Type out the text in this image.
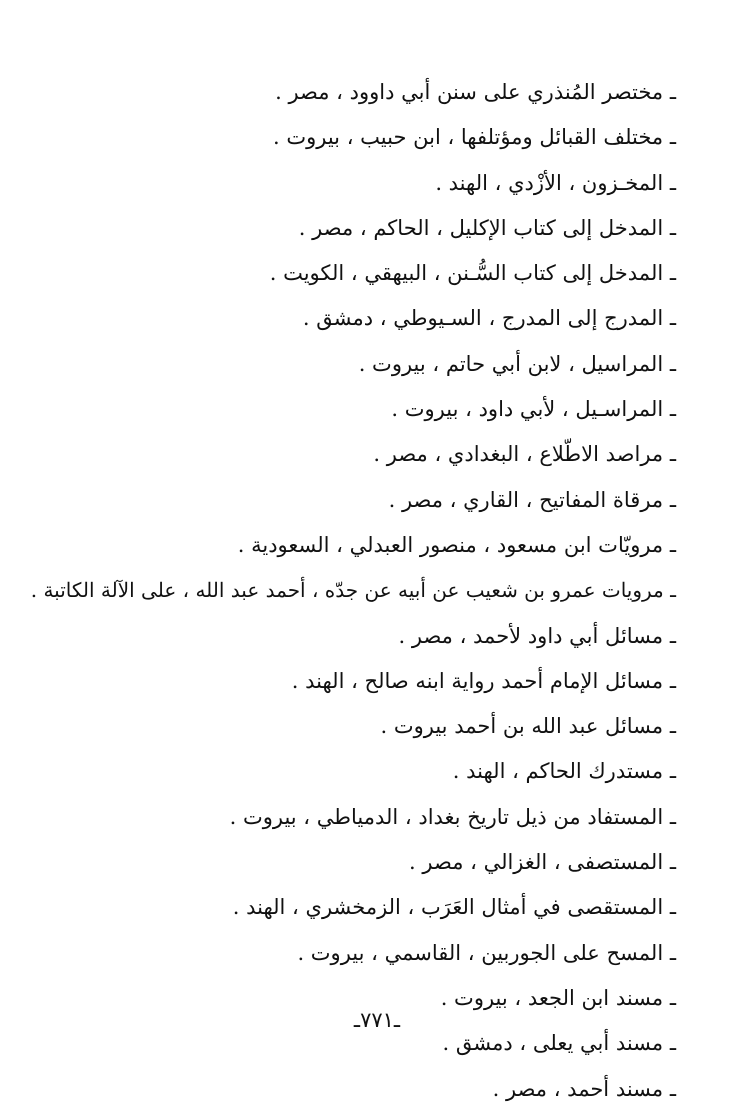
ـ مختصر المُنذري على سنن أبي داوود ، مصر .
ـ مختلف القبائل ومؤتلفها ، ابن حبيب ، بيروت .
ـ المخـزون ، الأزْدي ، الهند .
ـ المدخل إلى كتاب الإكليل ، الحاكم ، مصر .
ـ المدخل إلى كتاب السُّـنن ، البيهقي ، الكويت .
ـ المدرج إلى المدرج ، السـيوطي ، دمشق .
ـ المراسيل ، لابن أبي حاتم ، بيروت .
ـ المراسـيل ، لأبي داود ، بيروت .
ـ مراصد الاطّلاع ، البغدادي ، مصر .
ـ مرقاة المفاتيح ، القاري ، مصر .
ـ مرويّات ابن مسعود ، منصور العبدلي ، السعودية .
ـ مرويات عمرو بن شعيب عن أبيه عن جدّه ، أحمد عبد الله ، على الآلة الكاتبة .
ـ مسائل أبي داود لأحمد ، مصر .
ـ مسائل الإمام أحمد رواية ابنه صالح ، الهند .
ـ مسائل عبد الله بن أحمد بيروت .
ـ مستدرك الحاكم ، الهند .
ـ المستفاد من ذيل تاريخ بغداد ، الدمياطي ، بيروت .
ـ المستصفى ، الغزالي ، مصر .
ـ المستقصى في أمثال العَرَب ، الزمخشري ، الهند .
ـ المسح على الجوربين ، القاسمي ، بيروت .
ـ مسند ابن الجعد ، بيروت .
ـ مسند أبي يعلى ، دمشق .
ـ مسند أحمد ، مصر .
ـ٧٧١ـ
